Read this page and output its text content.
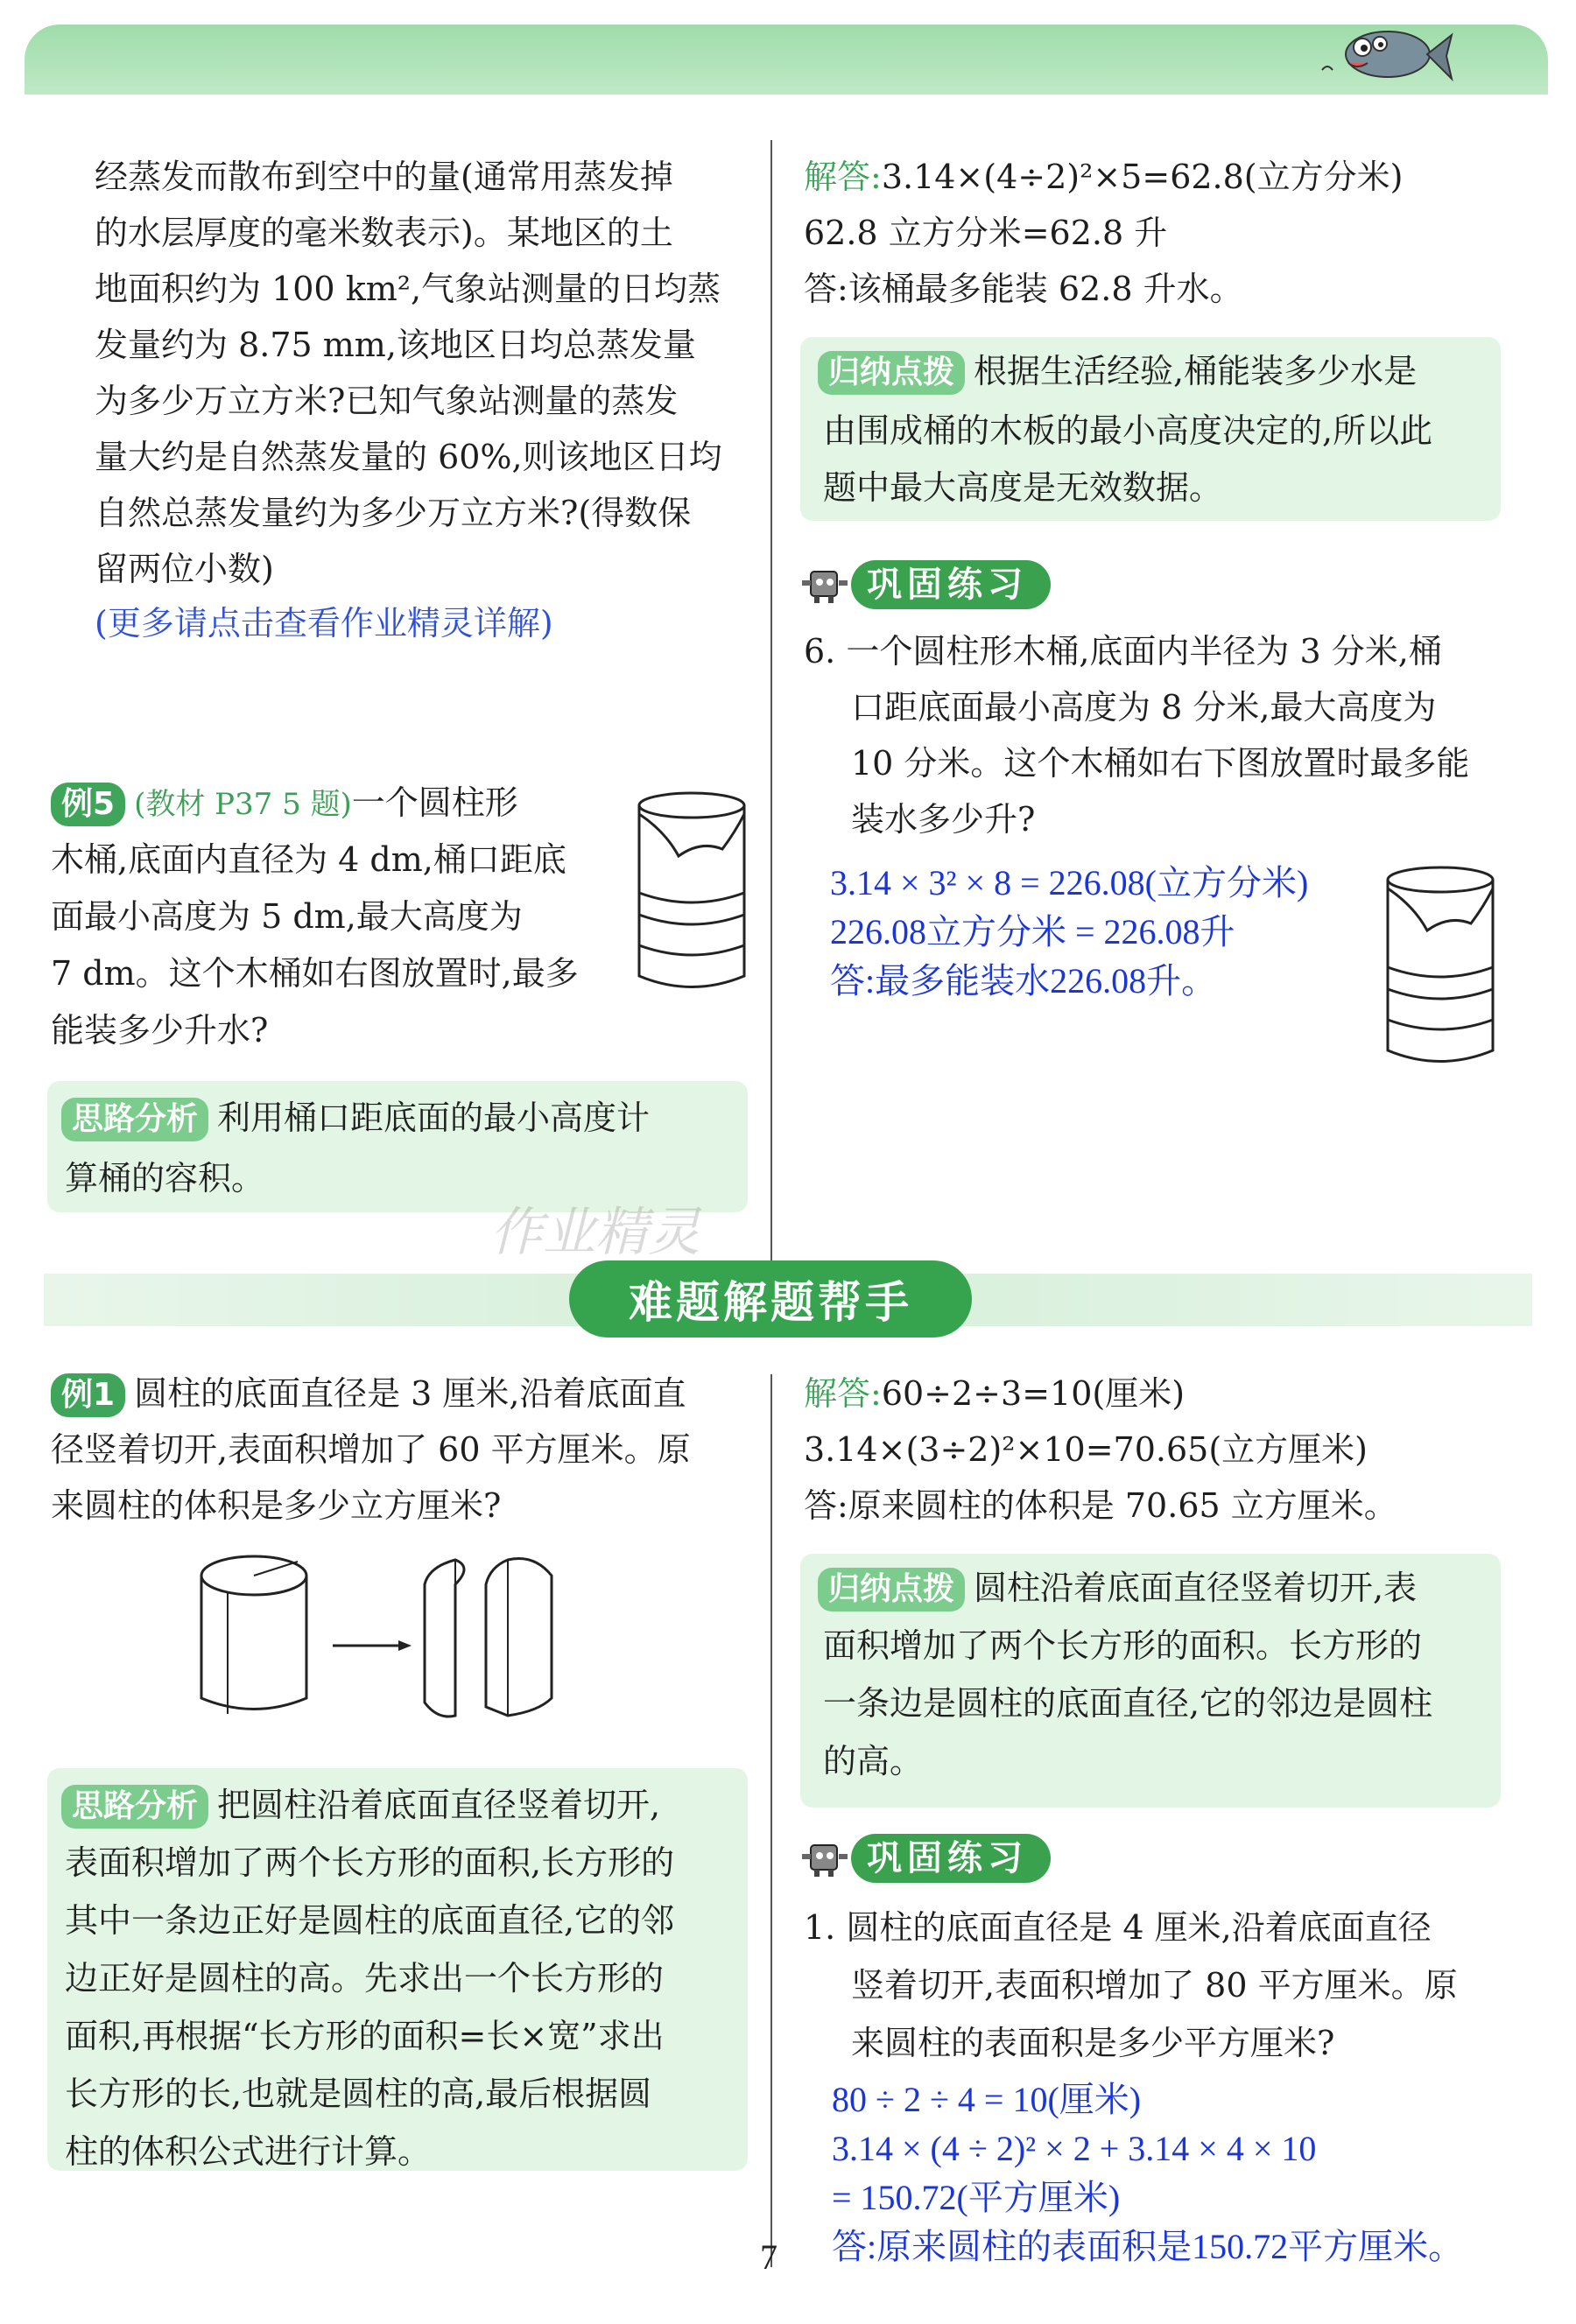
经蒸发而散布到空中的量(通常用蒸发掉
的水层厚度的毫米数表示)。某地区的土
地面积约为 100 km²,气象站测量的日均蒸
发量约为 8.75 mm,该地区日均总蒸发量
为多少万立方米?已知气象站测量的蒸发
量大约是自然蒸发量的 60%,则该地区日均
自然总蒸发量约为多少万立方米?(得数保
留两位小数)
(更多请点击查看作业精灵详解)
例5 (教材 P37 5 题)一个圆柱形
木桶,底面内直径为 4 dm,桶口距底
面最小高度为 5 dm,最大高度为
7 dm。这个木桶如右图放置时,最多
能装多少升水?
思路分析 利用桶口距底面的最小高度计
算桶的容积。
解答:3.14×(4÷2)²×5=62.8(立方分米)
62.8 立方分米=62.8 升
答:该桶最多能装 62.8 升水。
归纳点拨 根据生活经验,桶能装多少水是
由围成桶的木板的最小高度决定的,所以此
题中最大高度是无效数据。
巩固练习
6. 一个圆柱形木桶,底面内半径为 3 分米,桶
口距底面最小高度为 8 分米,最大高度为
10 分米。这个木桶如右下图放置时最多能
装水多少升?
3.14 × 3² × 8 = 226.08(立方分米)
226.08立方分米 = 226.08升
答:最多能装水226.08升。
难题解题帮手
例1 圆柱的底面直径是 3 厘米,沿着底面直
径竖着切开,表面积增加了 60 平方厘米。原
来圆柱的体积是多少立方厘米?
思路分析 把圆柱沿着底面直径竖着切开,
表面积增加了两个长方形的面积,长方形的
其中一条边正好是圆柱的底面直径,它的邻
边正好是圆柱的高。先求出一个长方形的
面积,再根据“长方形的面积=长×宽”求出
长方形的长,也就是圆柱的高,最后根据圆
柱的体积公式进行计算。
解答:60÷2÷3=10(厘米)
3.14×(3÷2)²×10=70.65(立方厘米)
答:原来圆柱的体积是 70.65 立方厘米。
归纳点拨 圆柱沿着底面直径竖着切开,表
面积增加了两个长方形的面积。长方形的
一条边是圆柱的底面直径,它的邻边是圆柱
的高。
巩固练习
1. 圆柱的底面直径是 4 厘米,沿着底面直径
竖着切开,表面积增加了 80 平方厘米。原
来圆柱的表面积是多少平方厘米?
80 ÷ 2 ÷ 4 = 10(厘米)
3.14 × (4 ÷ 2)² × 2 + 3.14 × 4 × 10
= 150.72(平方厘米)
答:原来圆柱的表面积是150.72平方厘米。
作业精灵
7
